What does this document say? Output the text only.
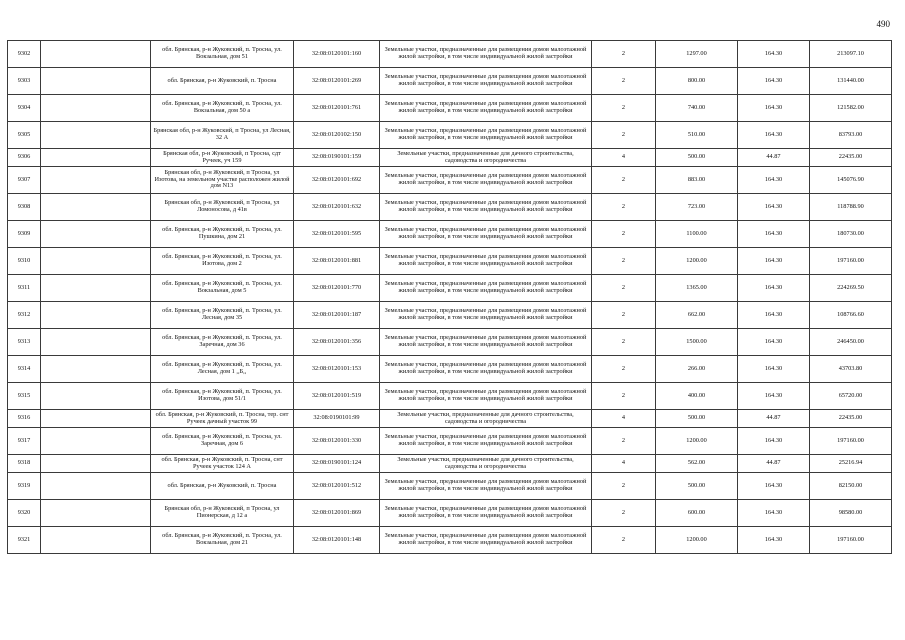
490
9302		обл. Брянская, р-н Жуковский, п. Тросна, ул. Вокзальная, дом 51	32:08:0120101:160	Земельные участки, предназначенные для размещения домов малоэтажной жилой застройки, в том числе индивидуальной жилой застройки	2	1297.00	164.30	213097.10
9303		обл. Брянская, р-н Жуковский, п. Тросна	32:08:0120101:269	Земельные участки, предназначенные для размещения домов малоэтажной жилой застройки, в том числе индивидуальной жилой застройки	2	800.00	164.30	131440.00
9304		обл. Брянская, р-н Жуковский, п. Тросна, ул. Вокзальная, дом 50 а	32:08:0120101:761	Земельные участки, предназначенные для размещения домов малоэтажной жилой застройки, в том числе индивидуальной жилой застройки	2	740.00	164.30	121582.00
9305		Брянская обл, р-н Жуковский, п Тросна, ул Лесная, 32 А	32:08:0120102:150	Земельные участки, предназначенные для размещения домов малоэтажной жилой застройки, в том числе индивидуальной жилой застройки	2	510.00	164.30	83793.00
9306		Брянская обл, р-н Жуковский, п Тросна, сдт Ручеек, уч 159	32:08:0190101:159	Земельные участки, предназначенные для дачного строительства, садоводства и огородничества	4	500.00	44.87	22435.00
9307		Брянская обл, р-н Жуковский, п Тросна, ул Изотова, на земельном участке расположен жилой дом N13	32:08:0120101:692	Земельные участки, предназначенные для размещения домов малоэтажной жилой застройки, в том числе индивидуальной жилой застройки	2	883.00	164.30	145076.90
9308		Брянская обл, р-н Жуковский, п Тросна, ул Ломоносова, д 41в	32:08:0120101:632	Земельные участки, предназначенные для размещения домов малоэтажной жилой застройки, в том числе индивидуальной жилой застройки	2	723.00	164.30	118788.90
9309		обл. Брянская, р-н Жуковский, п. Тросна, ул. Пушкина, дом 21	32:08:0120101:595	Земельные участки, предназначенные для размещения домов малоэтажной жилой застройки, в том числе индивидуальной жилой застройки	2	1100.00	164.30	180730.00
9310		обл. Брянская, р-н Жуковский, п. Тросна, ул. Изотова, дом 2	32:08:0120101:881	Земельные участки, предназначенные для размещения домов малоэтажной жилой застройки, в том числе индивидуальной жилой застройки	2	1200.00	164.30	197160.00
9311		обл. Брянская, р-н Жуковский, п. Тросна, ул. Вокзальная, дом 5	32:08:0120101:770	Земельные участки, предназначенные для размещения домов малоэтажной жилой застройки, в том числе индивидуальной жилой застройки	2	1365.00	164.30	224269.50
9312		обл. Брянская, р-н Жуковский, п. Тросна, ул. Лесная, дом 35	32:08:0120101:187	Земельные участки, предназначенные для размещения домов малоэтажной жилой застройки, в том числе индивидуальной жилой застройки	2	662.00	164.30	108766.60
9313		обл. Брянская, р-н Жуковский, п. Тросна, ул. Заречная, дом 36	32:08:0120101:356	Земельные участки, предназначенные для размещения домов малоэтажной жилой застройки, в том числе индивидуальной жилой застройки	2	1500.00	164.30	246450.00
9314		обл. Брянская, р-н Жуковский, п. Тросна, ул. Лесная, дом 1 ,,Б,,	32:08:0120101:153	Земельные участки, предназначенные для размещения домов малоэтажной жилой застройки, в том числе индивидуальной жилой застройки	2	266.00	164.30	43703.80
9315		обл. Брянская, р-н Жуковский, п. Тросна, ул. Изотова, дом 51/1	32:08:0120101:519	Земельные участки, предназначенные для размещения домов малоэтажной жилой застройки, в том числе индивидуальной жилой застройки	2	400.00	164.30	65720.00
9316		обл. Брянская, р-н Жуковский, п. Тросна, тер. снт Ручеек дачный участок 99	32:08:0190101:99	Земельные участки, предназначенные для дачного строительства, садоводства и огородничества	4	500.00	44.87	22435.00
9317		обл. Брянская, р-н Жуковский, п. Тросна, ул. Заречная, дом 6	32:08:0120101:330	Земельные участки, предназначенные для размещения домов малоэтажной жилой застройки, в том числе индивидуальной жилой застройки	2	1200.00	164.30	197160.00
9318		обл. Брянская, р-н Жуковский, п. Тросна, снт Ручеек участок 124 А	32:08:0190101:124	Земельные участки, предназначенные для дачного строительства, садоводства и огородничества	4	562.00	44.87	25216.94
9319		обл. Брянская, р-н Жуковский, п. Тросна	32:08:0120101:512	Земельные участки, предназначенные для размещения домов малоэтажной жилой застройки, в том числе индивидуальной жилой застройки	2	500.00	164.30	82150.00
9320		Брянская обл, р-н Жуковский, п Тросна, ул Пионерская, д 12 а	32:08:0120101:869	Земельные участки, предназначенные для размещения домов малоэтажной жилой застройки, в том числе индивидуальной жилой застройки	2	600.00	164.30	98580.00
9321		обл. Брянская, р-н Жуковский, п. Тросна, ул. Вокзальная, дом 21	32:08:0120101:148	Земельные участки, предназначенные для размещения домов малоэтажной жилой застройки, в том числе индивидуальной жилой застройки	2	1200.00	164.30	197160.00
